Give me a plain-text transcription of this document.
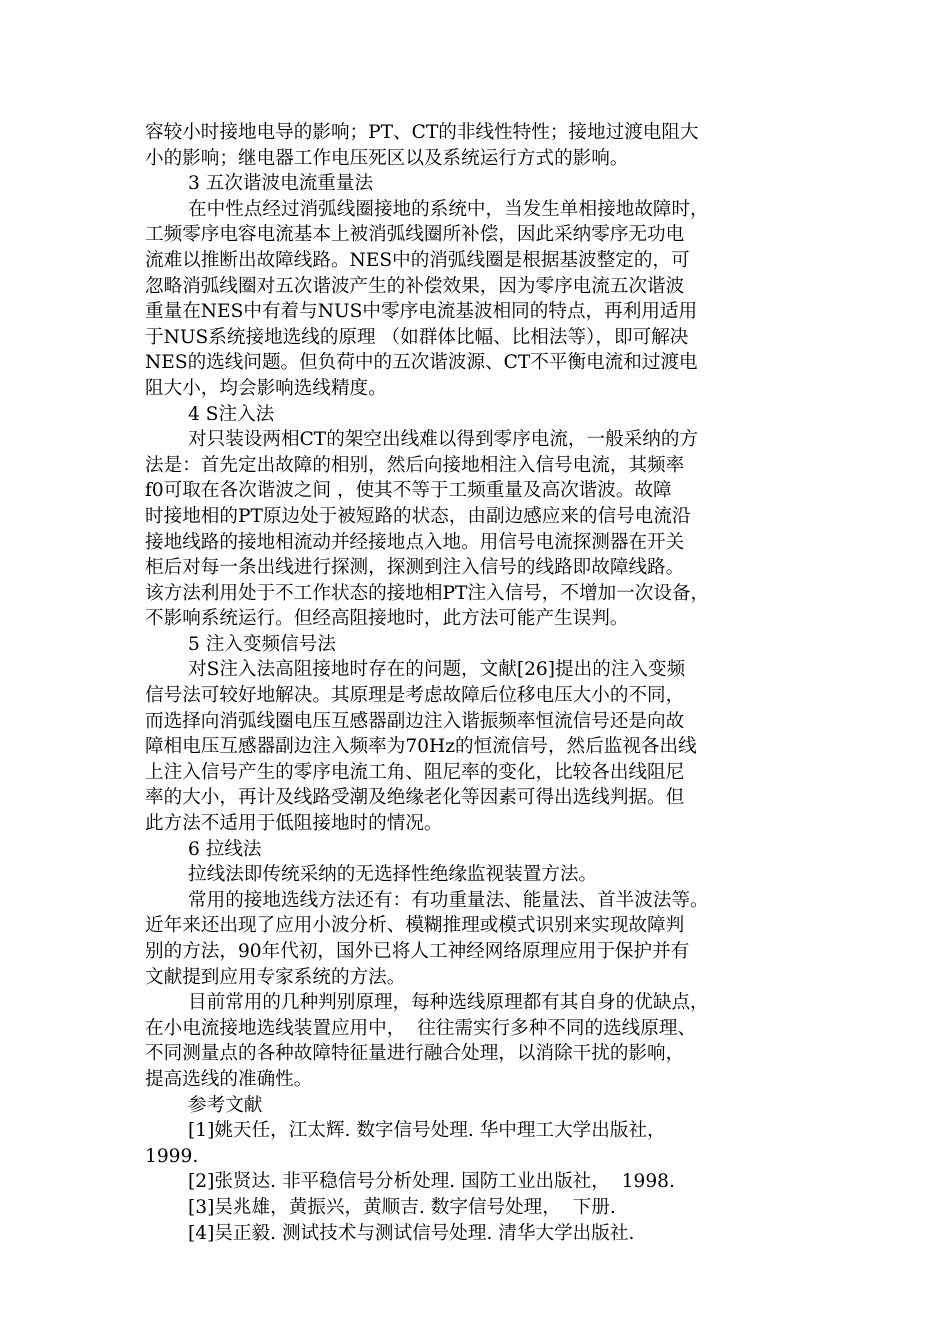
容较小时接地电导的影响；PT、CT的非线性特性；接地过渡电阻大
小的影响；继电器工作电压死区以及系统运行方式的影响。
3 五次谐波电流重量法
在中性点经过消弧线圈接地的系统中，当发生单相接地故障时，
工频零序电容电流基本上被消弧线圈所补偿，因此采纳零序无功电
流难以推断出故障线路。NES中的消弧线圈是根据基波整定的，可
忽略消弧线圈对五次谐波产生的补偿效果，因为零序电流五次谐波
重量在NES中有着与NUS中零序电流基波相同的特点，再利用适用
于NUS系统接地选线的原理 （如群体比幅、比相法等），即可解决
NES的选线问题。但负荷中的五次谐波源、CT不平衡电流和过渡电
阻大小，均会影响选线精度。
4 S注入法
对只装设两相CT的架空出线难以得到零序电流，一般采纳的方
法是：首先定出故障的相别，然后向接地相注入信号电流，其频率
f0可取在各次谐波之间 ，使其不等于工频重量及高次谐波。故障
时接地相的PT原边处于被短路的状态，由副边感应来的信号电流沿
接地线路的接地相流动并经接地点入地。用信号电流探测器在开关
柜后对每一条出线进行探测，探测到注入信号的线路即故障线路。
该方法利用处于不工作状态的接地相PT注入信号，不增加一次设备，
不影响系统运行。但经高阻接地时，此方法可能产生误判。
5 注入变频信号法
对S注入法高阻接地时存在的问题，文献[26]提出的注入变频
信号法可较好地解决。其原理是考虑故障后位移电压大小的不同，
而选择向消弧线圈电压互感器副边注入谐振频率恒流信号还是向故
障相电压互感器副边注入频率为70Hz的恒流信号，然后监视各出线
上注入信号产生的零序电流工角、阻尼率的变化，比较各出线阻尼
率的大小，再计及线路受潮及绝缘老化等因素可得出选线判据。但
此方法不适用于低阻接地时的情况。
6 拉线法
拉线法即传统采纳的无选择性绝缘监视装置方法。
常用的接地选线方法还有：有功重量法、能量法、首半波法等。
近年来还出现了应用小波分析、模糊推理或模式识别来实现故障判
别的方法，90年代初，国外已将人工神经网络原理应用于保护并有
文献提到应用专家系统的方法。
目前常用的几种判别原理，每种选线原理都有其自身的优缺点，
在小电流接地选线装置应用中，  往往需实行多种不同的选线原理、
不同测量点的各种故障特征量进行融合处理，以消除干扰的影响，
提高选线的准确性。
参考文献
[1]姚天任，江太辉. 数字信号处理. 华中理工大学出版社，
1999.
[2]张贤达. 非平稳信号分析处理. 国防工业出版社，  1998.
[3]吴兆雄，黄振兴，黄顺吉. 数字信号处理，  下册.
[4]吴正毅. 测试技术与测试信号处理. 清华大学出版社.
